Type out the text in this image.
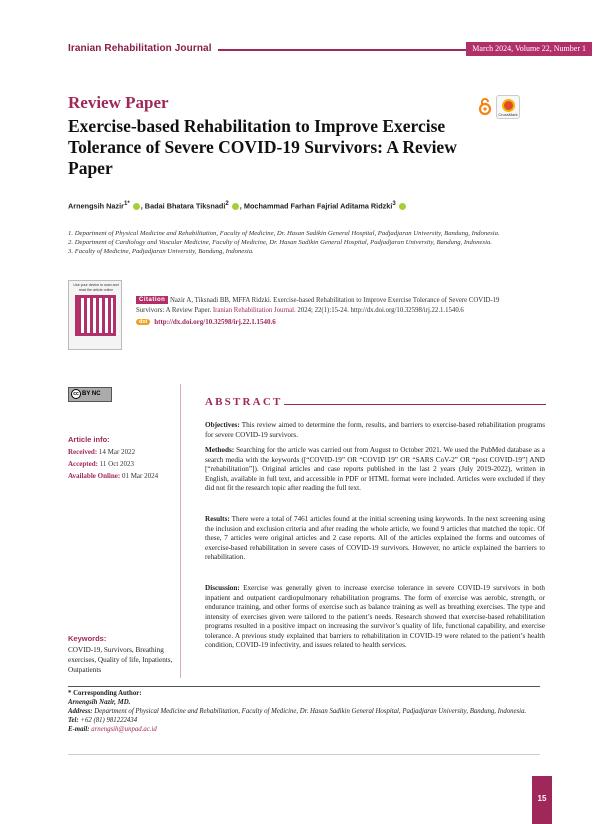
Iranian Rehabilitation Journal	March 2024, Volume 22, Number 1
Review Paper
CrossMark
Exercise-based Rehabilitation to Improve Exercise Tolerance of Severe COVID-19 Survivors: A Review Paper
Arnengsih Nazir$^{1*}$ , Badai Bhatara Tiksnadi$^2$ , Mochammad Farhan Fajrial Aditama Ridzki$^3$
1. Department of Physical Medicine and Rehabilitation, Faculty of Medicine, Dr. Hasan Sadikin General Hospital, Padjadjaran University, Bandung, Indonesia.
2. Department of Cardiology and Vascular Medicine, Faculty of Medicine, Dr. Hasan Sadikin General Hospital, Padjadjaran University, Bandung, Indonesia.
3. Faculty of Medicine, Padjadjaran University, Bandung, Indonesia.
Use your device to scan and read the article online
Nazir A, Tiksnadi BB, MFFA Ridzki. Exercise-based Rehabilitation to Improve Exercise Tolerance of Severe COVID-19 Survivors: A Review Paper. Iranian Rehabilitation Journal. 2024; 22(1):15-24. http://dx.doi.org/10.32598/irj.22.1.1540.6
Citation
doi http://dx.doi.org/10.32598/irj.22.1.1540.6
cc BY NC
ABSTRACT
Article info:
Received: 14 Mar 2022
Accepted: 11 Oct 2023
Available Online: 01 Mar 2024
Objectives: This review aimed to determine the form, results, and barriers to exercise-based rehabilitation programs for severe COVID-19 survivors.
Methods: Searching for the article was carried out from August to October 2021. We used the PubMed database as a search media with the keywords ([“COVID-19” OR “COVID 19” OR “SARS CoV-2” OR “post COVID-19”] AND [“rehabilitation”]). Original articles and case reports published in the last 2 years (July 2019-2022), written in English, available in full text, and accessible in PDF or HTML format were included. Articles were excluded if they did not fit the research topic after reading the full text.
Results: There were a total of 7461 articles found at the initial screening using keywords. In the next screening using the inclusion and exclusion criteria and after reading the whole article, we found 9 articles that matched the topic. Of these, 7 articles were original articles and 2 case reports. All of the articles explained the forms and outcomes of exercise-based rehabilitation in severe cases of COVID-19 survivors. However, no article explained the barriers to rehabilitation.
Discussion: Exercise was generally given to increase exercise tolerance in severe COVID-19 survivors in both inpatient and outpatient cardiopulmonary rehabilitation programs. The form of exercise was aerobic, strength, or endurance training, and other forms of exercise such as balance training as well as breathing exercises. The type and intensity of exercises given were tailored to the patient’s needs. Research showed that exercise-based rehabilitation programs resulted in a positive impact on increasing the survivor’s quality of life, functional capability, and exercise tolerance. A previous study explained that barriers to rehabilitation in COVID-19 were related to the patient’s health condition, COVID-19 infectivity, and issues related to health services.
Keywords:
COVID-19, Survivors, Breathing exercises, Quality of life, Inpatients, Outpatients
* Corresponding Author:
Arnengsih Nazir, MD.
Address: Department of Physical Medicine and Rehabilitation, Faculty of Medicine, Dr. Hasan Sadikin General Hospital, Padjadjaran University, Bandung, Indonesia.
Tel: +62 (81) 981222434
E-mail: arnengsih@unpad.ac.id
15
